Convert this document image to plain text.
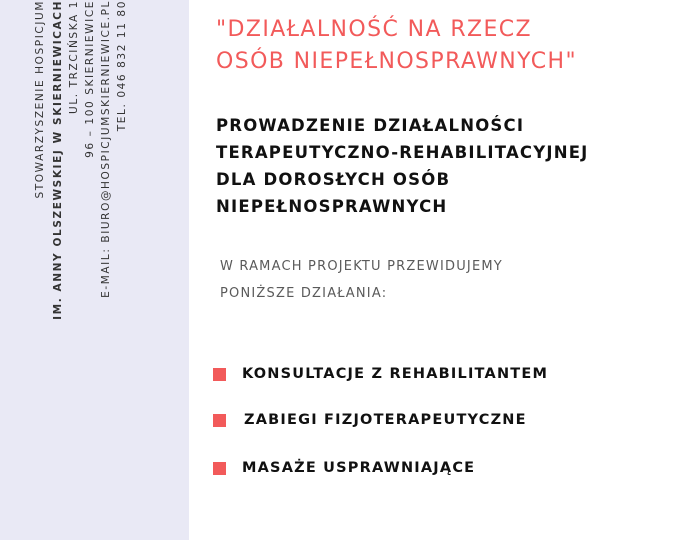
STOWARZYSZENIE HOSPICJUM IM. ANNY OLSZEWSKIEJ W SKIERNIEWICACH UL. TRZCIŃSKA 1 96 – 100 SKIERNIEWICE E-MAIL: BIURO@HOSPICJUMSKIERNIEWICE.PL TEL. 046 832 11 80	"DZIAŁALNOŚĆ NA RZECZ
OSÓB NIEPEŁNOSPRAWNYCH"
PROWADZENIE DZIAŁALNOŚCI
TERAPEUTYCZNO-REHABILITACYJNEJ
DLA DOROSŁYCH OSÓB
NIEPEŁNOSPRAWNYCH

W RAMACH PROJEKTU PRZEWIDUJEMY
PONIŻSZE DZIAŁANIA:

KONSULTACJE Z REHABILITANTEM
ZABIEGI FIZJOTERAPEUTYCZNE
MASAŻE USPRAWNIAJĄCE
